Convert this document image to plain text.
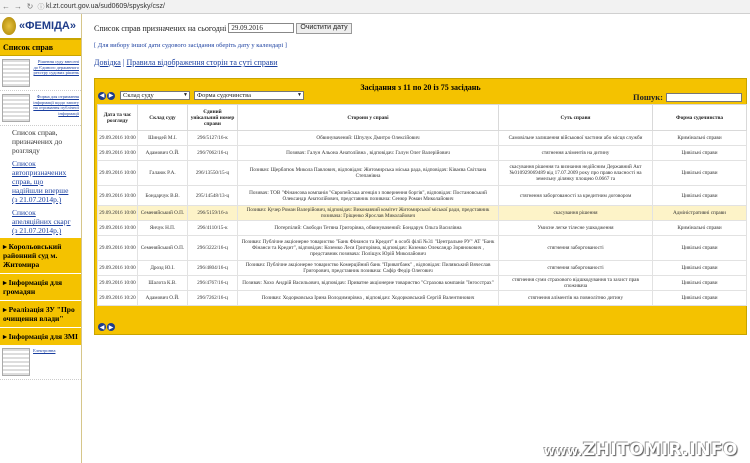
← → ↻ ⓘ kl.zt.court.gov.ua/sud0609/spysky/csz/
«ФЕМІДА»
Список справ
Рішення суду внесені до Єдиного державного реєстру судових рішень
Форма для отримання інформації щодо запиту на отримання публічної інформації
Список справ, призначених до розгляду
Список автопризначених справ, що надійшли вперше (з 21.07.2014р.)
Список апеляційних скарг (з 21.07.2014р.)
▸ Корольовський районний суд м. Житомира
▸ Інформація для громадян
▸ Реалізація ЗУ "Про очищення влади"
▸ Інформація для ЗМІ
Електронна
Список справ призначених на сьогодні 29.09.2016	Очистити дату
[ Для вибору іншої дати судового засідання оберіть дату у календарі ]
Довідка | Правила відображення сторін та суті справи
Засідання з 11 по 20 із 75 засідань
◀ ▶ Склад суду	▼ Форма судочинства	▼	Пошук:
Дата та час розгляду	Склад суду	Єдиний унікальний номер справи	Сторони у справі	Суть справи	Форма судочинства
29.09.2016 10:00	Шиндей М.І.	296/5127/16-к	Обвинувачений: Шпулук Дмитро Олексійович	Самовільне залишення військової частини або місця служби	Кримінальні справи
29.09.2016 10:00	Адамович О.Й.	296/7062/16-ц	Позивач: Галун Альона Анатоліївна , відповідач: Галун Олег Валерійович	стягнення аліментів на дитину	Цивільні справи
29.09.2016 10:00	Галаюк Р.А.	296/13550/15-ц	Позивач: Щербатюк Микола Павлович, відповідач: Житомирська міська рада, відповідач: Ківаєва Світлана Степанівна	скасування рішення та визнання недійсним Державний Акт №010929069489 від 17.07.2009 року про право власності на земельну ділянку площею 0.0667 га	Цивільні справи
29.09.2016 10:00	Бондарчук В.В.	295/14548/13-ц	Позивач: ТОВ "Фінансова компанія "Європейська агенція з повернення боргів", відповідач: Постановський Олександр Анатолійович, представник позивача: Сенюр Роман Миколайович	стягнення заборгованості за кредитним договором	Цивільні справи
29.09.2016 10:00	Семеняйський О.П.	296/5159/16-а	Позивач: Кучер Роман Валерійович, відповідач: Виконавчий комітет Житомирської міської ради, представник позивача: Гріщенко Ярослав Миколайович	скасування рішення	Адміністративні справи
29.09.2016 10:00	Янчук Н.П.	296/4110/15-к	Потерпілий: Свободи Тетяна Григорівна, обвинувачений: Бондарук Ольга Василівна	Умисне легке тілесне ушкодження	Кримінальні справи
29.09.2016 10:00	Семеняйський О.П.	296/3222/16-ц	Позивач: Публічне акціонерне товариство "Банк Фінанси та Кредит" в особі філії №31 "Центральне РУ" АТ "Банк Фінанси та Кредит", відповідач: Коземко Леся Григорівна, відповідач: Коземко Олександр Зоряновович , представник позивача: Поліщук Юрій Миколайович	стягнення заборгованості	Цивільні справи
29.09.2016 10:00	Дрозд Ю.І.	296/4804/16-ц	Позивач: Публічне акціонерне товариство Комерційний банк "Приватбанк" , відповідач: Пилявський Вячеслав Григорович, представник позивача: Сафір Федір Олегович	стягнення заборгованості	Цивільні справи
29.09.2016 10:00	Шалота К.В.	296/4767/16-ц	Позивач: Хохо Андрій Васильович, відповідач: Приватне акціонерне товариство "Страхова компанія "Інгосстрах"	стягнення суми страхового відшкодування та захист прав споживача	Цивільні справи
29.09.2016 10:20	Адамович О.Й.	296/7262/16-ц	Позивач: Ходорковська Ірина Володимирівна , відповідач: Ходорковський Сергій Валентинович	стягнення аліментів на повнолітню дитину	Цивільні справи
◀ ▶
www.ZHITOMIR.INFO
